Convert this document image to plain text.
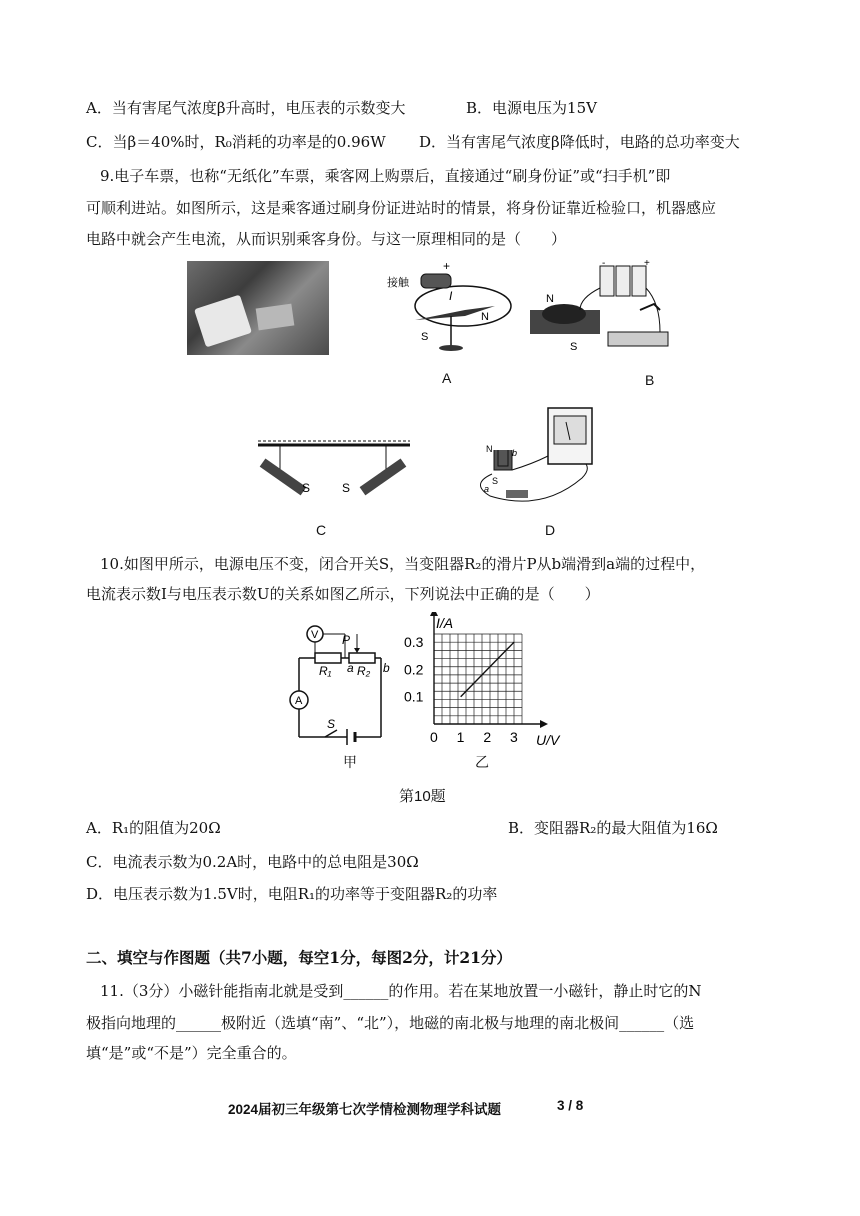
A．当有害尾气浓度β升高时，电压表的示数变大	B．电源电压为15V
C．当β＝40%时，R₀消耗的功率是的0.96W D．当有害尾气浓度β降低时，电路的总功率变大
9.电子车票，也称“无纸化”车票，乘客网上购票后，直接通过“刷身份证”或“扫手机”即
可顺利进站。如图所示，这是乘客通过刷身份证进站时的情景，将身份证靠近检验口，机器感应
电路中就会产生电流，从而识别乘客身份。与这一原理相同的是（　　）
接触
+
I
N
S
A
-	+
N
S
B
S	S
C
N
S
a
b
D
10.如图甲所示，电源电压不变，闭合开关S，当变阻器R₂的滑片P从b端滑到a端的过程中，
电流表示数I与电压表示数U的关系如图乙所示，下列说法中正确的是（　　）
S
V P
R₁ a R₂ b
A
甲
0 1 2 3
0.1
0.2
0.3
I/A
U/V
乙
第10题
A．R₁的阻值为20Ω	B．变阻器R₂的最大阻值为16Ω
C．电流表示数为0.2A时，电路中的总电阻是30Ω
D．电压表示数为1.5V时，电阻R₁的功率等于变阻器R₂的功率
二、填空与作图题（共7小题，每空1分，每图2分，计21分）
11.（3分）小磁针能指南北就是受到______的作用。若在某地放置一小磁针，静止时它的N
极指向地理的______极附近（选填“南”、“北”），地磁的南北极与地理的南北极间______（选
填“是”或“不是”）完全重合的。
2024届初三年级第七次学情检测物理学科试题	3 / 8
